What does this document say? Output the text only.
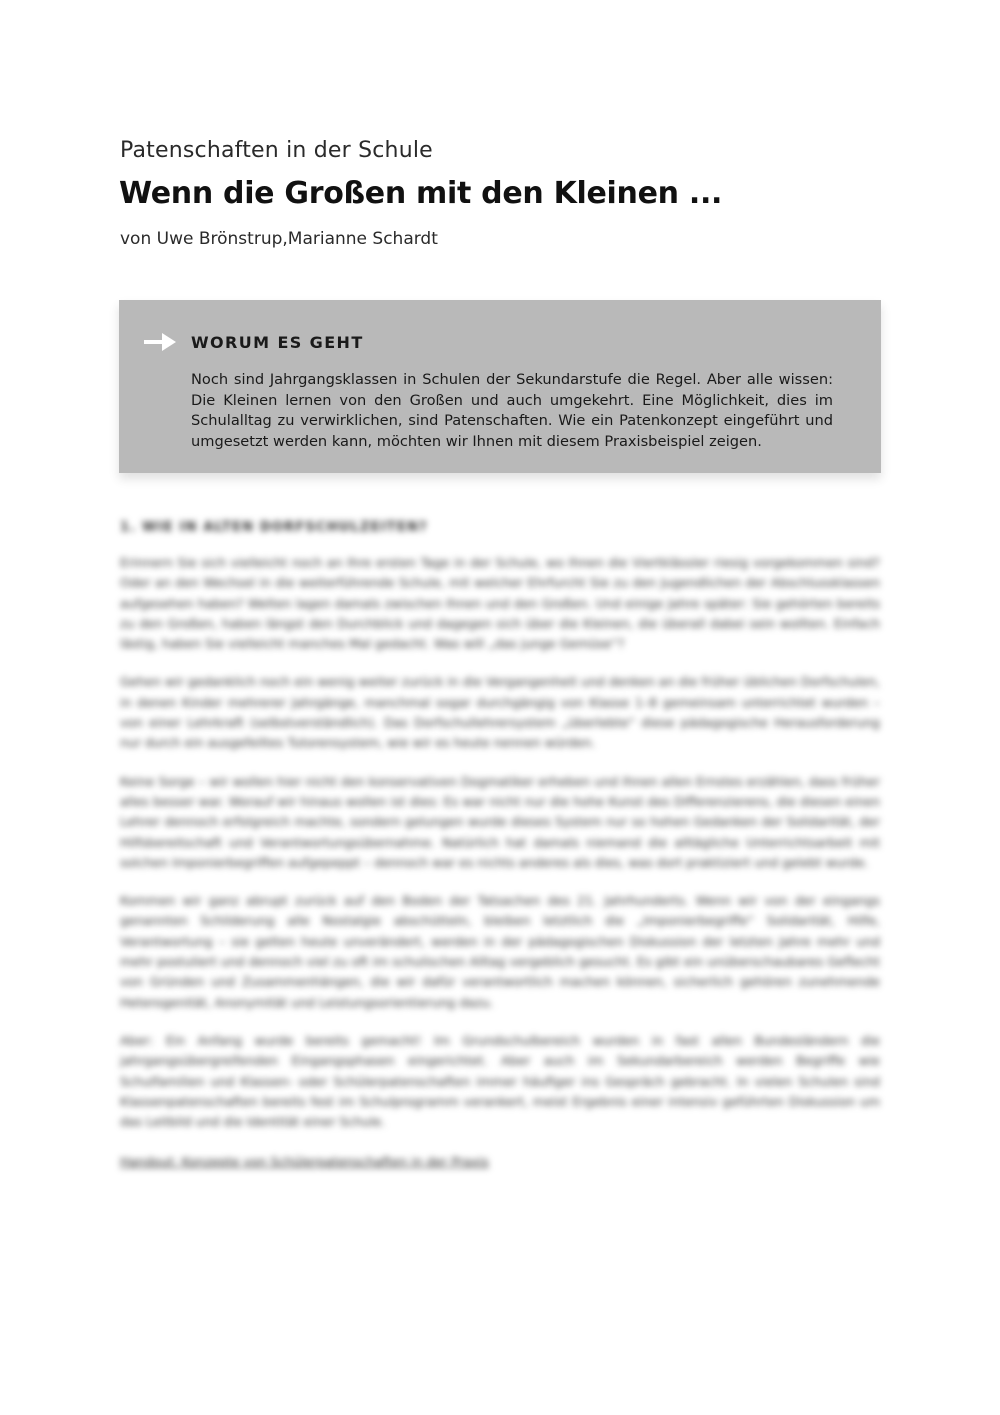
Patenschaften in der Schule
Wenn die Großen mit den Kleinen ...
von Uwe Brönstrup,Marianne Schardt
WORUM ES GEHT
Noch sind Jahrgangsklassen in Schulen der Sekundarstufe die Regel. Aber alle wissen: Die Kleinen lernen von den Großen und auch umgekehrt. Eine Möglichkeit, dies im Schulalltag zu verwirklichen, sind Patenschaften. Wie ein Patenkonzept eingeführt und umgesetzt werden kann, möchten wir Ihnen mit diesem Praxisbeispiel zeigen.
1. WIE IN ALTEN DORFSCHULZEITEN?

Erinnern Sie sich vielleicht noch an Ihre ersten Tage in der Schule, wo Ihnen die Viertklässler riesig vorgekommen sind? Oder an den Wechsel in die weiterführende Schule, mit welcher Ehrfurcht Sie zu den Jugendlichen der Abschlussklassen aufgesehen haben? Welten lagen damals zwischen Ihnen und den Großen. Und einige Jahre später: Sie gehörten bereits zu den Großen, haben längst den Durchblick und dagegen sich über die Kleinen, die überall dabei sein wollten. Einfach lästig, haben Sie vielleicht manches Mal gedacht. Was will „das junge Gemüse“?

Gehen wir gedanklich noch ein wenig weiter zurück in die Vergangenheit und denken an die früher üblichen Dorfschulen, in denen Kinder mehrerer Jahrgänge, manchmal sogar durchgängig von Klasse 1–8 gemeinsam unterrichtet wurden – von einer Lehrkraft (selbstverständlich). Das Dorfschullehrersystem „überlebte“ diese pädagogische Herausforderung nur durch ein ausgefeiltes Tutorensystem, wie wir es heute nennen würden.

Keine Sorge – wir wollen hier nicht den konservativen Dogmatiker erheben und Ihnen allen Ernstes erzählen, dass früher alles besser war. Worauf wir hinaus wollen ist dies: Es war nicht nur die hohe Kunst des Differenzierens, die diesen einen Lehrer dennoch erfolgreich machte, sondern gelungen wurde dieses System nur so hohen Gedanken der Solidarität, der Hilfsbereitschaft und Verantwortungsübernahme. Natürlich hat damals niemand die alltägliche Unterrichtsarbeit mit solchen Imponierbegriffen aufgepeppt – dennoch war es nichts anderes als dies, was dort praktiziert und gelebt wurde.

Kommen wir ganz abrupt zurück auf den Boden der Tatsachen des 21. Jahrhunderts. Wenn wir von der eingangs genannten Schilderung alle Nostalgie abschütteln, bleiben letztlich die „Imponierbegriffe“ Solidarität, Hilfe, Verantwortung – sie gelten heute unverändert, werden in der pädagogischen Diskussion der letzten Jahre mehr und mehr postuliert und dennoch viel zu oft im schulischen Alltag vergeblich gesucht. Es gibt ein unüberschaubares Geflecht von Gründen und Zusammenhängen, die wir dafür verantwortlich machen können, sicherlich gehören zunehmende Heterogenität, Anonymität und Leistungsorientierung dazu.

Aber: Ein Anfang wurde bereits gemacht! Im Grundschulbereich wurden in fast allen Bundesländern die jahrgangsübergreifenden Eingangsphasen eingerichtet. Aber auch im Sekundarbereich werden Begriffe wie Schulfamilien und Klassen- oder Schülerpatenschaften immer häufiger ins Gespräch gebracht. In vielen Schulen sind Klassenpatenschaften bereits fest im Schulprogramm verankert, meist Ergebnis einer intensiv geführten Diskussion um das Leitbild und die Identität einer Schule.

Handout: Konzepte von Schülerpatenschaften in der Praxis
